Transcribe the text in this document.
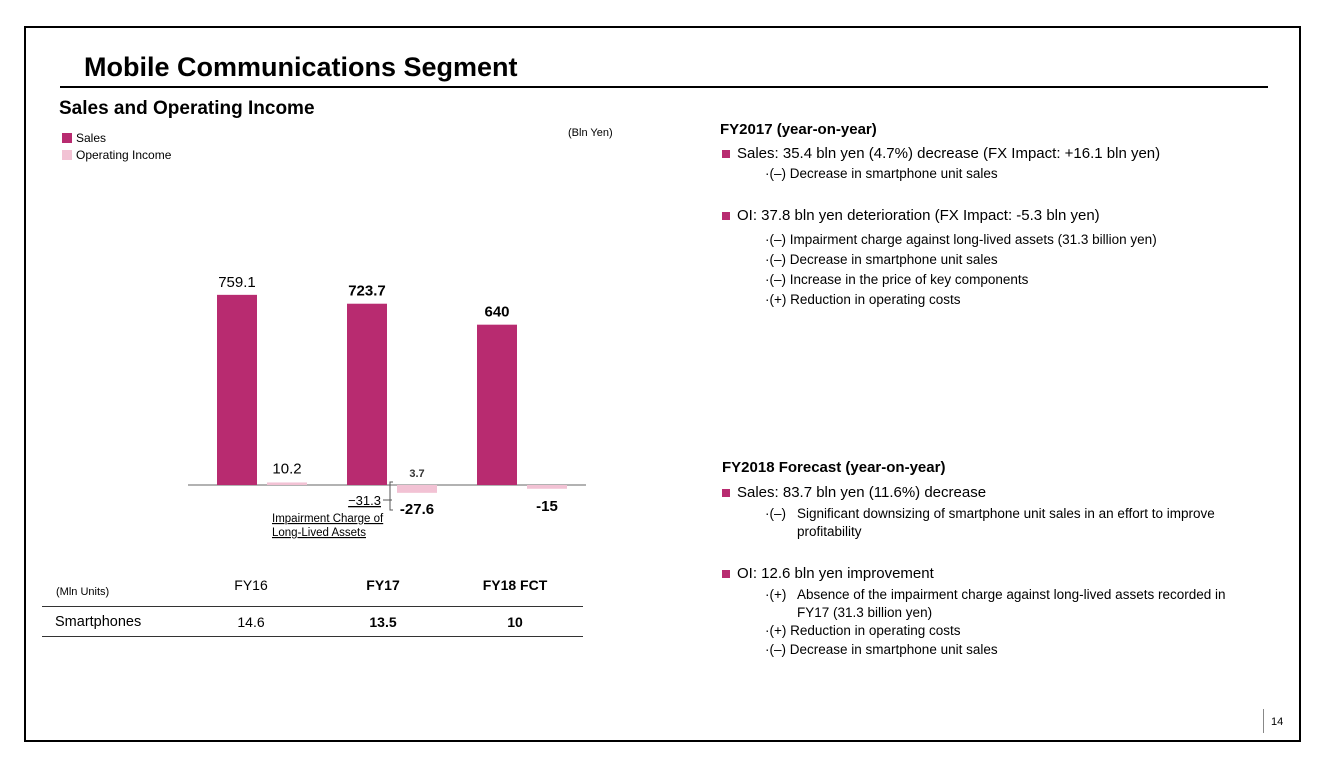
Mobile Communications Segment
Sales and Operating Income
Sales
Operating Income
(Bln Yen)
759.1
723.7
640
10.2	3.7
-27.6
−31.3
Impairment Charge of
Long-Lived Assets
-15
(Mln Units)	FY16	FY17	FY18 FCT
Smartphones	14.6	13.5	10
FY2017 (year-on-year)
Sales: 35.4 bln yen (4.7%) decrease (FX Impact: +16.1 bln yen)
·(–) Decrease in smartphone unit sales
OI: 37.8 bln yen deterioration (FX Impact: -5.3 bln yen)
·(–) Impairment charge against long-lived assets (31.3 billion yen)
·(–) Decrease in smartphone unit sales
·(–) Increase in the price of key components
·(+) Reduction in operating costs
FY2018 Forecast (year-on-year)
Sales: 83.7 bln yen (11.6%) decrease
·(–) Significant downsizing of smartphone unit sales in an effort to improve
profitability
OI: 12.6 bln yen improvement
·(+) Absence of the impairment charge against long-lived assets recorded in
FY17 (31.3 billion yen)
·(+) Reduction in operating costs
·(–) Decrease in smartphone unit sales
14
